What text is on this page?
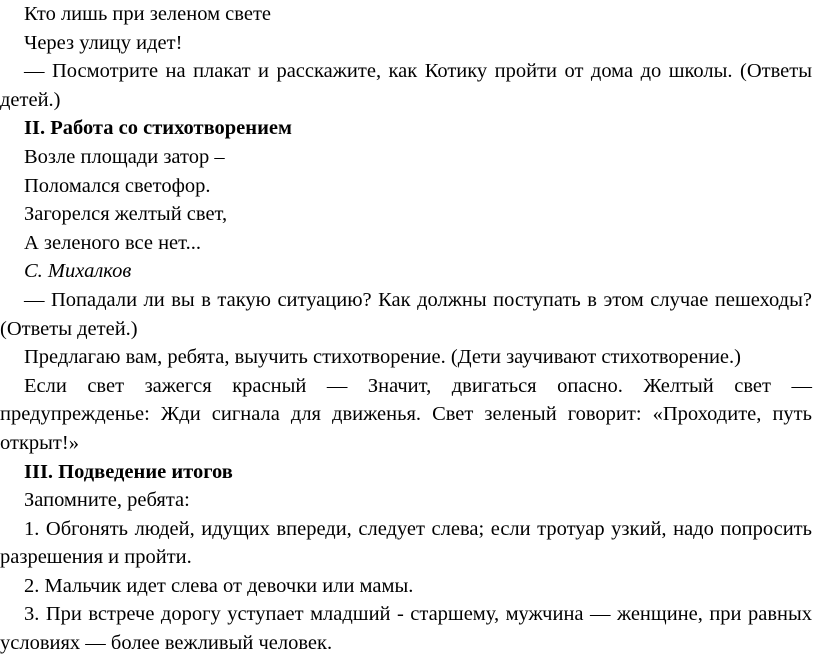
Кто лишь при зеленом свете

Через улицу идет!

— Посмотрите на плакат и расскажите, как Котику пройти от дома до школы. (Ответы детей.)

II. Работа со стихотворением

Возле площади затор –

Поломался светофор.

Загорелся желтый свет,

А зеленого все нет...

С. Михалков

— Попадали ли вы в такую ситуацию? Как должны поступать в этом случае пешеходы? (Ответы детей.)

Предлагаю вам, ребята, выучить стихотворение. (Дети заучивают стихотворение.)

Если свет зажегся красный — Значит, двигаться опасно. Желтый свет — предупрежденье: Жди сигнала для движенья. Свет зеленый говорит: «Проходите, путь открыт!»

III. Подведение итогов

Запомните, ребята:

1. Обгонять людей, идущих впереди, следует слева; если тротуар узкий, надо попросить разрешения и пройти.

2. Мальчик идет слева от девочки или мамы.

3. При встрече дорогу уступает младший - старшему, мужчина — женщине, при равных условиях — более вежливый человек.
